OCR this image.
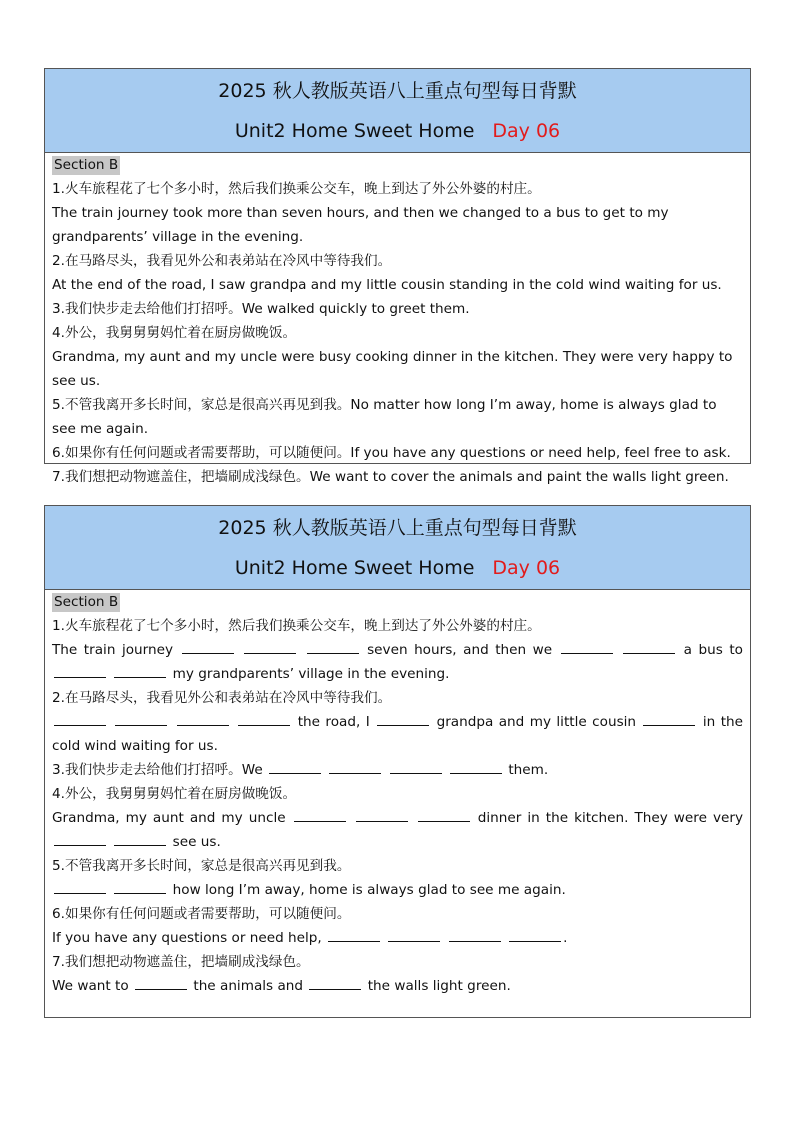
2025 秋人教版英语八上重点句型每日背默
Unit2 Home Sweet Home Day 06
Section B

1.火车旅程花了七个多小时，然后我们换乘公交车，晚上到达了外公外婆的村庄。

The train journey took more than seven hours, and then we changed to a bus to get to my grandparents’ village in the evening.

2.在马路尽头，我看见外公和表弟站在冷风中等待我们。

At the end of the road, I saw grandpa and my little cousin standing in the cold wind waiting for us.

3.我们快步走去给他们打招呼。We walked quickly to greet them.

4.外公，我舅舅舅妈忙着在厨房做晚饭。

Grandma, my aunt and my uncle were busy cooking dinner in the kitchen. They were very happy to see us.

5.不管我离开多长时间，家总是很高兴再见到我。No matter how long I’m away, home is always glad to see me again.

6.如果你有任何问题或者需要帮助，可以随便问。If you have any questions or need help, feel free to ask.

7.我们想把动物遮盖住，把墙刷成浅绿色。We want to cover the animals and paint the walls light green.

2025 秋人教版英语八上重点句型每日背默
Unit2 Home Sweet Home Day 06
Section B

1.火车旅程花了七个多小时，然后我们换乘公交车，晚上到达了外公外婆的村庄。

The train journey	seven hours, and then we	a bus to   my grandparents’ village in the evening.

2.在马路尽头，我看见外公和表弟站在冷风中等待我们。

the road, I	grandpa and my little cousin	in the cold wind waiting for us.

3.我们快步走去给他们打招呼。We	them.

4.外公，我舅舅舅妈忙着在厨房做晚饭。

Grandma, my aunt and my uncle	dinner in the kitchen. They were very   see us.

5.不管我离开多长时间，家总是很高兴再见到我。

how long I’m away, home is always glad to see me again.

6.如果你有任何问题或者需要帮助，可以随便问。

If you have any questions or need help,	.

7.我们想把动物遮盖住，把墙刷成浅绿色。

We want to	the animals and	the walls light green.
